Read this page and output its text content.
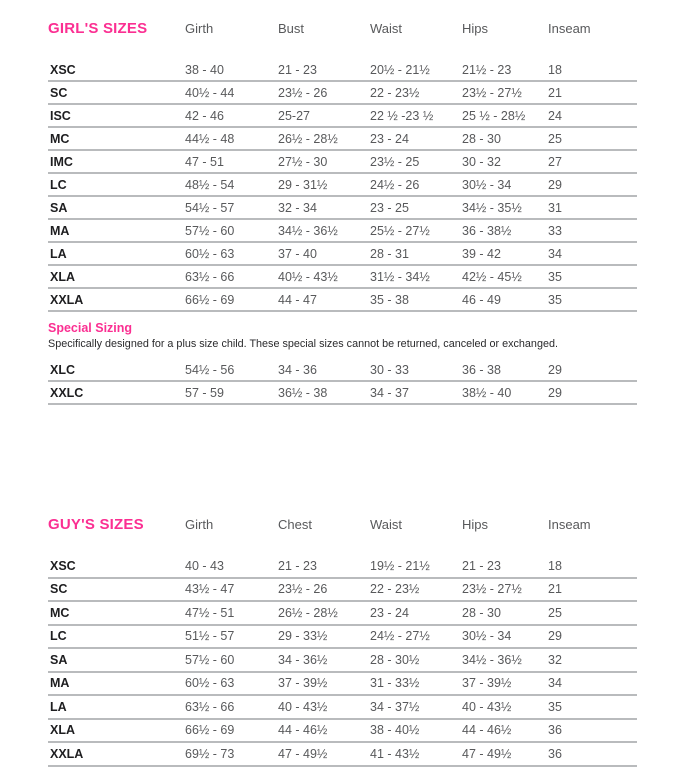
GIRL'S SIZES	Girth	Bust	Waist	Hips	Inseam
XSC	38 - 40	21 - 23	20½ - 21½	21½ - 23	18
SC	40½ - 44	23½ - 26	22 - 23½	23½ - 27½	21
ISC	42 - 46	25-27	22 ½ -23 ½	25 ½ - 28½	24
MC	44½ - 48	26½ - 28½	23 - 24	28 - 30	25
IMC	47 - 51	27½ - 30	23½ - 25	30 - 32	27
LC	48½ - 54	29 - 31½	24½ - 26	30½ - 34	29
SA	54½ - 57	32 - 34	23 - 25	34½ - 35½	31
MA	57½ - 60	34½ - 36½	25½ - 27½	36 - 38½	33
LA	60½ - 63	37 - 40	28 - 31	39 - 42	34
XLA	63½ - 66	40½ - 43½	31½ - 34½	42½ - 45½	35
XXLA	66½ - 69	44 - 47	35 - 38	46 - 49	35
Special Sizing
Specifically designed for a plus size child. These special sizes cannot be returned, canceled or exchanged.
XLC	54½ - 56	34 - 36	30 - 33	36 - 38	29
XXLC	57 - 59	36½ - 38	34 - 37	38½ - 40	29
GUY'S SIZES	Girth	Chest	Waist	Hips	Inseam
XSC	40 - 43	21 - 23	19½ - 21½	21 - 23	18
SC	43½ - 47	23½ - 26	22 - 23½	23½ - 27½	21
MC	47½ - 51	26½ - 28½	23 - 24	28 - 30	25
LC	51½ - 57	29 - 33½	24½ - 27½	30½ - 34	29
SA	57½ - 60	34 - 36½	28 - 30½	34½ - 36½	32
MA	60½ - 63	37 - 39½	31 - 33½	37 - 39½	34
LA	63½ - 66	40 - 43½	34 - 37½	40 - 43½	35
XLA	66½ - 69	44 - 46½	38 - 40½	44 - 46½	36
XXLA	69½ - 73	47 - 49½	41 - 43½	47 - 49½	36
